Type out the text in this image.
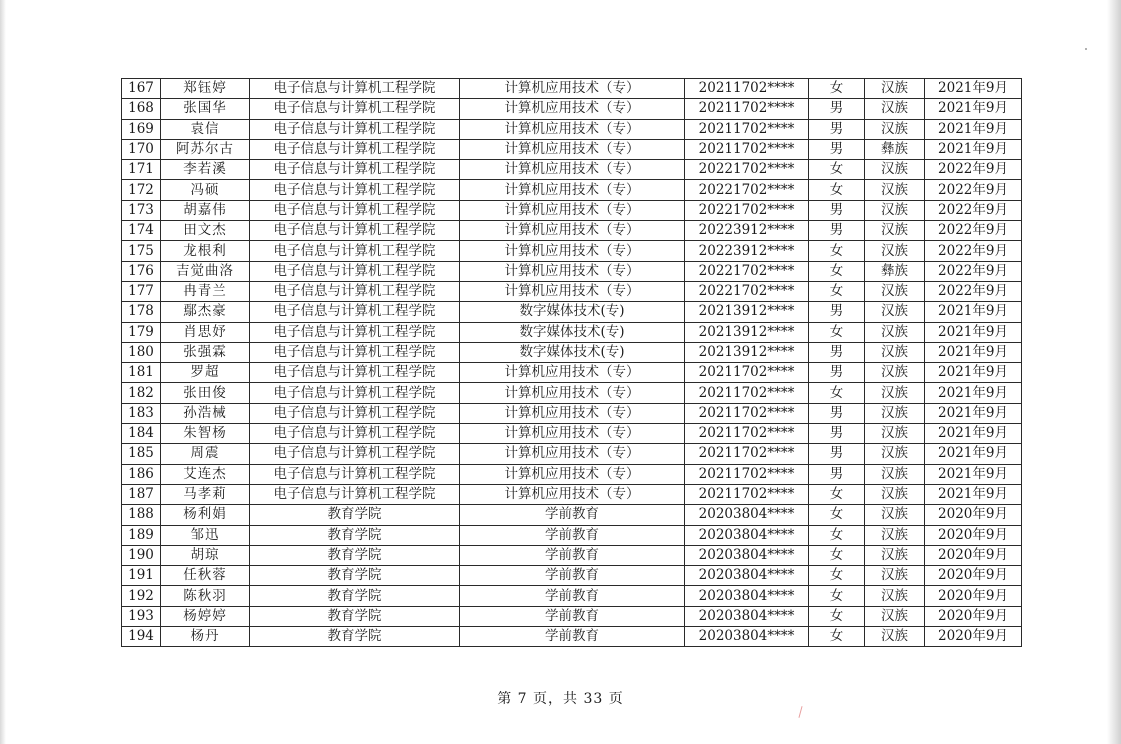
167	郑钰婷	电子信息与计算机工程学院	计算机应用技术（专）	20211702****	女	汉族	2021年9月
168	张国华	电子信息与计算机工程学院	计算机应用技术（专）	20211702****	男	汉族	2021年9月
169	袁信	电子信息与计算机工程学院	计算机应用技术（专）	20211702****	男	汉族	2021年9月
170	阿苏尔古	电子信息与计算机工程学院	计算机应用技术（专）	20211702****	男	彝族	2021年9月
171	李若溪	电子信息与计算机工程学院	计算机应用技术（专）	20221702****	女	汉族	2022年9月
172	冯硕	电子信息与计算机工程学院	计算机应用技术（专）	20221702****	女	汉族	2022年9月
173	胡嘉伟	电子信息与计算机工程学院	计算机应用技术（专）	20221702****	男	汉族	2022年9月
174	田文杰	电子信息与计算机工程学院	计算机应用技术（专）	20223912****	男	汉族	2022年9月
175	龙根利	电子信息与计算机工程学院	计算机应用技术（专）	20223912****	女	汉族	2022年9月
176	吉觉曲洛	电子信息与计算机工程学院	计算机应用技术（专）	20221702****	女	彝族	2022年9月
177	冉青兰	电子信息与计算机工程学院	计算机应用技术（专）	20221702****	女	汉族	2022年9月
178	鄢杰豪	电子信息与计算机工程学院	数字媒体技术(专)	20213912****	男	汉族	2021年9月
179	肖思妤	电子信息与计算机工程学院	数字媒体技术(专)	20213912****	女	汉族	2021年9月
180	张强霖	电子信息与计算机工程学院	数字媒体技术(专)	20213912****	男	汉族	2021年9月
181	罗超	电子信息与计算机工程学院	计算机应用技术（专）	20211702****	男	汉族	2021年9月
182	张田俊	电子信息与计算机工程学院	计算机应用技术（专）	20211702****	女	汉族	2021年9月
183	孙浩械	电子信息与计算机工程学院	计算机应用技术（专）	20211702****	男	汉族	2021年9月
184	朱智杨	电子信息与计算机工程学院	计算机应用技术（专）	20211702****	男	汉族	2021年9月
185	周震	电子信息与计算机工程学院	计算机应用技术（专）	20211702****	男	汉族	2021年9月
186	艾连杰	电子信息与计算机工程学院	计算机应用技术（专）	20211702****	男	汉族	2021年9月
187	马孝莉	电子信息与计算机工程学院	计算机应用技术（专）	20211702****	女	汉族	2021年9月
188	杨利娟	教育学院	学前教育	20203804****	女	汉族	2020年9月
189	邹迅	教育学院	学前教育	20203804****	女	汉族	2020年9月
190	胡琼	教育学院	学前教育	20203804****	女	汉族	2020年9月
191	任秋蓉	教育学院	学前教育	20203804****	女	汉族	2020年9月
192	陈秋羽	教育学院	学前教育	20203804****	女	汉族	2020年9月
193	杨婷婷	教育学院	学前教育	20203804****	女	汉族	2020年9月
194	杨丹	教育学院	学前教育	20203804****	女	汉族	2020年9月
第 7 页，共 33 页
